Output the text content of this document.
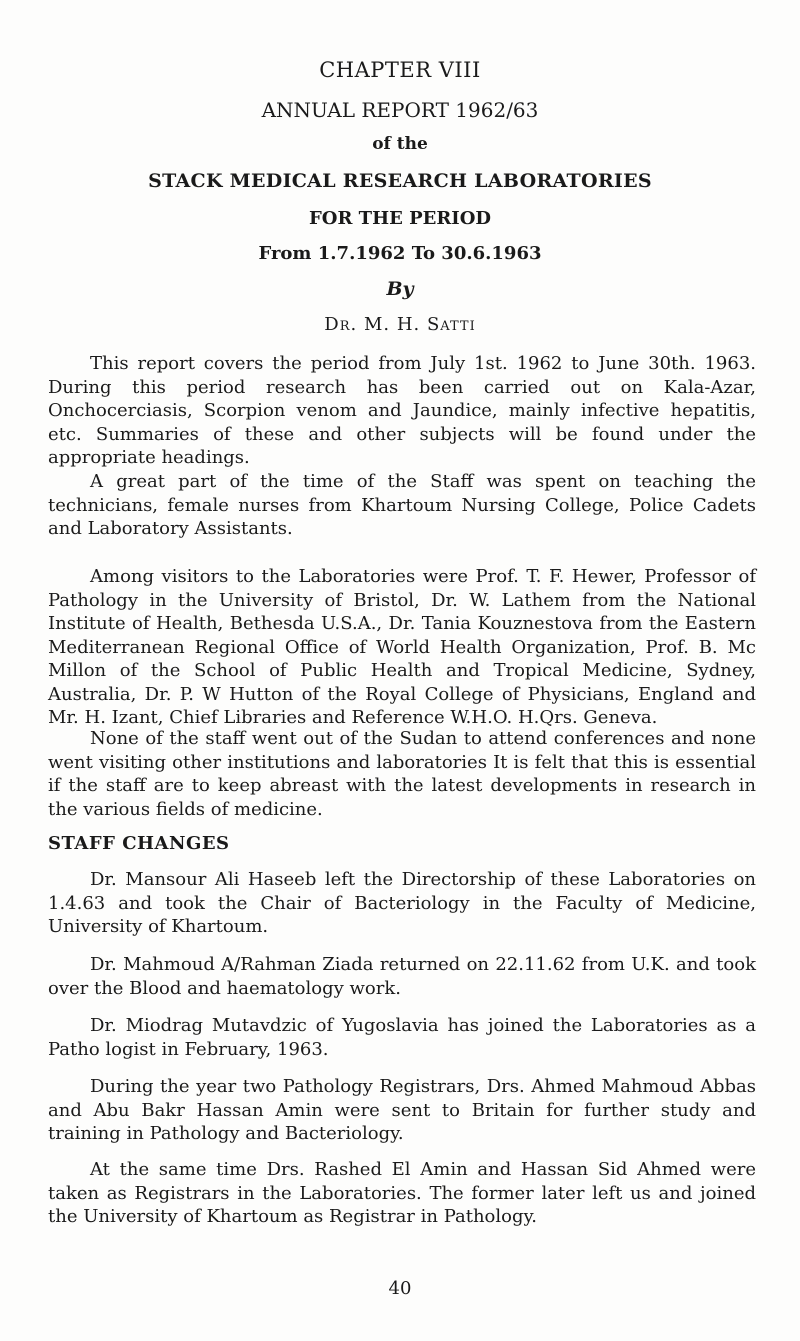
CHAPTER VIII
ANNUAL REPORT 1962/63
of the
STACK MEDICAL RESEARCH LABORATORIES
FOR THE PERIOD
From 1.7.1962 To 30.6.1963
By
Dr. M. H. Satti

This report covers the period from July 1st. 1962 to June 30th. 1963. During this period research has been carried out on Kala-Azar, Onchocerciasis, Scorpion venom and Jaundice, mainly infective hepatitis, etc. Summaries of these and other subjects will be found under the appropriate headings.

A great part of the time of the Staff was spent on teaching the technicians, female nurses from Khartoum Nursing College, Police Cadets and Laboratory Assistants.

Among visitors to the Laboratories were Prof. T. F. Hewer, Professor of Pathology in the University of Bristol, Dr. W. Lathem from the National Institute of Health, Bethesda U.S.A., Dr. Tania Kouznestova from the Eastern Mediterranean Regional Office of World Health Organization, Prof. B. Mc Millon of the School of Public Health and Tropical Medicine, Sydney, Australia, Dr. P. W Hutton of the Royal College of Physicians, England and Mr. H. Izant, Chief Libraries and Reference W.H.O. H.Qrs. Geneva.

None of the staff went out of the Sudan to attend conferences and none went visiting other institutions and laboratories It is felt that this is essential if the staff are to keep abreast with the latest developments in research in the various fields of medicine.

STAFF CHANGES

Dr. Mansour Ali Haseeb left the Directorship of these Laboratories on 1.4.63 and took the Chair of Bacteriology in the Faculty of Medicine, University of Khartoum.

Dr. Mahmoud A/Rahman Ziada returned on 22.11.62 from U.K. and took over the Blood and haematology work.

Dr. Miodrag Mutavdzic of Yugoslavia has joined the Laboratories as a Patho logist in February, 1963.

During the year two Pathology Registrars, Drs. Ahmed Mahmoud Abbas and Abu Bakr Hassan Amin were sent to Britain for further study and training in Pathology and Bacteriology.

At the same time Drs. Rashed El Amin and Hassan Sid Ahmed were taken as Registrars in the Laboratories. The former later left us and joined the University of Khartoum as Registrar in Pathology.

40
